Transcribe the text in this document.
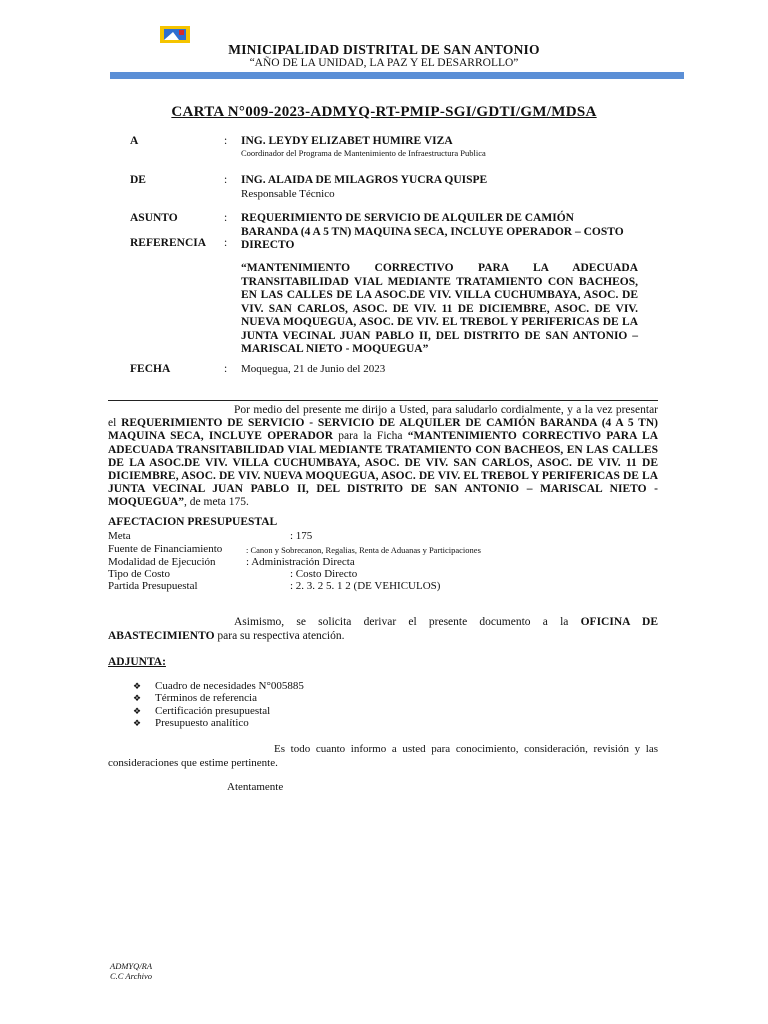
MINICIPALIDAD DISTRITAL DE SAN ANTONIO
“AÑO DE LA UNIDAD, LA PAZ Y EL DESARROLLO”
CARTA N°009-2023-ADMYQ-RT-PMIP-SGI/GDTI/GM/MDSA
A	: ING. LEYDY ELIZABET HUMIRE VIZA
Coordinador del Programa de Mantenimiento de Infraestructura Publica
DE	: ING. ALAIDA DE MILAGROS YUCRA QUISPE
Responsable Técnico
ASUNTO	: REQUERIMIENTO DE SERVICIO DE ALQUILER DE CAMIÓN BARANDA (4 A 5 TN) MAQUINA SECA, INCLUYE OPERADOR – COSTO DIRECTO
REFERENCIA :
“MANTENIMIENTO CORRECTIVO PARA LA ADECUADA TRANSITABILIDAD VIAL MEDIANTE TRATAMIENTO CON BACHEOS, EN LAS CALLES DE LA ASOC.DE VIV. VILLA CUCHUMBAYA, ASOC. DE VIV. SAN CARLOS, ASOC. DE VIV. 11 DE DICIEMBRE, ASOC. DE VIV. NUEVA MOQUEGUA, ASOC. DE VIV. EL TREBOL Y PERIFERICAS DE LA JUNTA VECINAL JUAN PABLO II, DEL DISTRITO DE SAN ANTONIO – MARISCAL NIETO - MOQUEGUA”
FECHA	: Moquegua, 21 de Junio del 2023
Por medio del presente me dirijo a Usted, para saludarlo cordialmente, y a la vez presentar el REQUERIMIENTO DE SERVICIO - SERVICIO DE ALQUILER DE CAMIÓN BARANDA (4 A 5 TN) MAQUINA SECA, INCLUYE OPERADOR para la Ficha “MANTENIMIENTO CORRECTIVO PARA LA ADECUADA TRANSITABILIDAD VIAL MEDIANTE TRATAMIENTO CON BACHEOS, EN LAS CALLES DE LA ASOC.DE VIV. VILLA CUCHUMBAYA, ASOC. DE VIV. SAN CARLOS, ASOC. DE VIV. 11 DE DICIEMBRE, ASOC. DE VIV. NUEVA MOQUEGUA, ASOC. DE VIV. EL TREBOL Y PERIFERICAS DE LA JUNTA VECINAL JUAN PABLO II, DEL DISTRITO DE SAN ANTONIO – MARISCAL NIETO - MOQUEGUA”, de meta 175.
AFECTACION PRESUPUESTAL
Meta	: 175
Fuente de Financiamiento	: Canon y Sobrecanon, Regalias, Renta de Aduanas y Participaciones
Modalidad de Ejecución	: Administración Directa
Tipo de Costo	: Costo Directo
Partida Presupuestal	: 2. 3. 2 5. 1 2 (DE VEHICULOS)
Asimismo, se solicita derivar el presente documento a la OFICINA DE ABASTECIMIENTO para su respectiva atención.
ADJUNTA:
❖ Cuadro de necesidades N°005885
❖ Términos de referencia
❖ Certificación presupuestal
❖ Presupuesto analítico
Es todo cuanto informo a usted para conocimiento, consideración, revisión y las consideraciones que estime pertinente.
Atentamente
ADMYQ/RA
C.C Archivo
